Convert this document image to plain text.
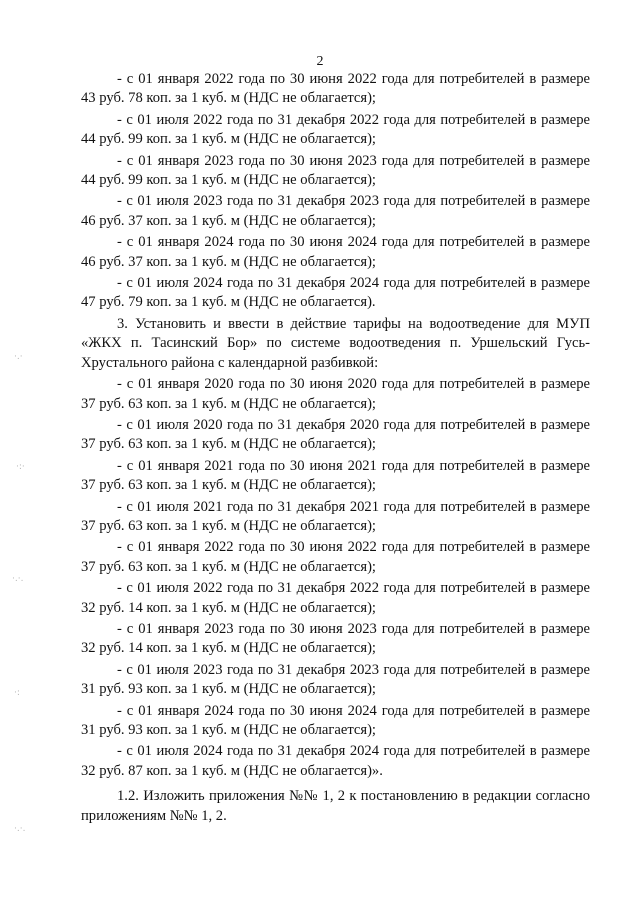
2
·.·
·:·
·.·.
·:
·.·.
- с 01 января 2022 года по 30 июня 2022 года для потребителей в размере
43 руб. 78 коп. за 1 куб. м (НДС не облагается);
- с 01 июля 2022 года по 31 декабря 2022 года для потребителей в размере
44 руб. 99 коп. за 1 куб. м (НДС не облагается);
- с 01 января 2023 года по 30 июня 2023 года для потребителей в размере
44 руб. 99 коп. за 1 куб. м (НДС не облагается);
- с 01 июля 2023 года по 31 декабря 2023 года для потребителей в размере
46 руб. 37 коп. за 1 куб. м (НДС не облагается);
- с 01 января 2024 года по 30 июня 2024 года для потребителей в размере
46 руб. 37 коп. за 1 куб. м (НДС не облагается);
- с 01 июля 2024 года по 31 декабря 2024 года для потребителей в размере
47 руб. 79 коп. за 1 куб. м (НДС не облагается).

3. Установить и ввести в действие тарифы на водоотведение для МУП «ЖКХ п. Тасинский Бор» по системе водоотведения п. Уршельский Гусь-Хрустального района с календарной разбивкой:

- с 01 января 2020 года по 30 июня 2020 года для потребителей в размере
37 руб. 63 коп. за 1 куб. м (НДС не облагается);
- с 01 июля 2020 года по 31 декабря 2020 года для потребителей в размере
37 руб. 63 коп. за 1 куб. м (НДС не облагается);
- с 01 января 2021 года по 30 июня 2021 года для потребителей в размере
37 руб. 63 коп. за 1 куб. м (НДС не облагается);
- с 01 июля 2021 года по 31 декабря 2021 года для потребителей в размере
37 руб. 63 коп. за 1 куб. м (НДС не облагается);
- с 01 января 2022 года по 30 июня 2022 года для потребителей в размере
37 руб. 63 коп. за 1 куб. м (НДС не облагается);
- с 01 июля 2022 года по 31 декабря 2022 года для потребителей в размере
32 руб. 14 коп. за 1 куб. м (НДС не облагается);
- с 01 января 2023 года по 30 июня 2023 года для потребителей в размере
32 руб. 14 коп. за 1 куб. м (НДС не облагается);
- с 01 июля 2023 года по 31 декабря 2023 года для потребителей в размере
31 руб. 93 коп. за 1 куб. м (НДС не облагается);
- с 01 января 2024 года по 30 июня 2024 года для потребителей в размере
31 руб. 93 коп. за 1 куб. м (НДС не облагается);
- с 01 июля 2024 года по 31 декабря 2024 года для потребителей в размере
32 руб. 87 коп. за 1 куб. м (НДС не облагается)».

1.2. Изложить приложения №№ 1, 2 к постановлению в редакции согласно приложениям №№ 1, 2.
